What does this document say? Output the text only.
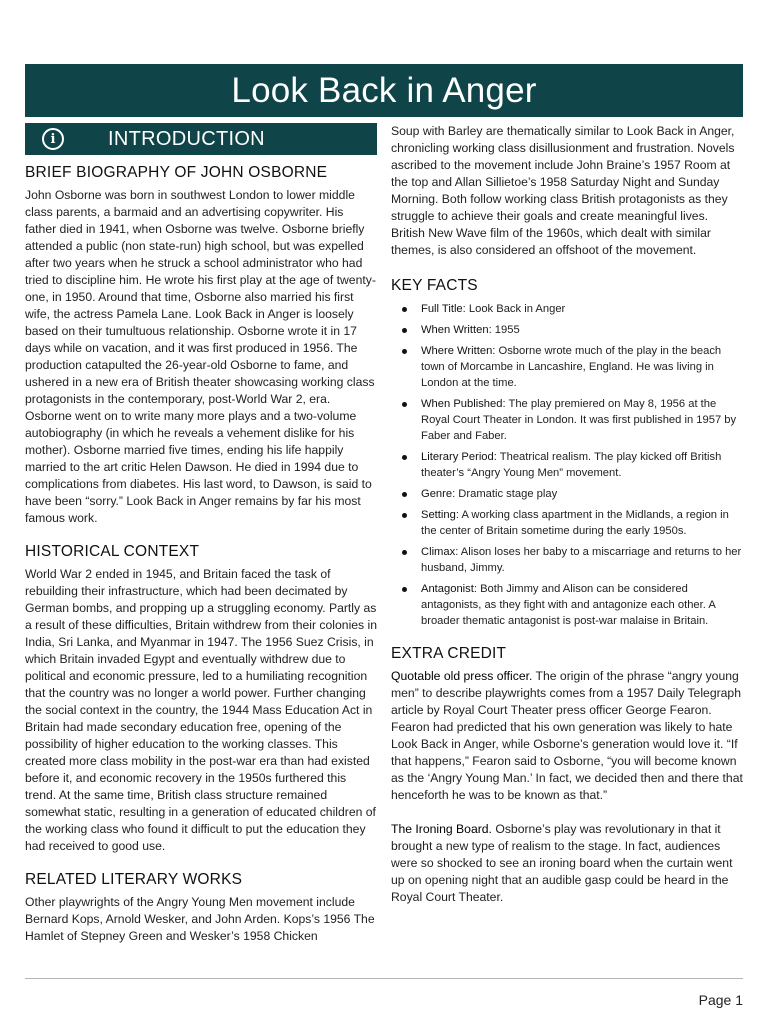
Look Back in Anger
i	INTRODUCTION
BRIEF BIOGRAPHY OF JOHN OSBORNE

John Osborne was born in southwest London to lower middle class parents, a barmaid and an advertising copywriter. His father died in 1941, when Osborne was twelve. Osborne briefly attended a public (non state-run) high school, but was expelled after two years when he struck a school administrator who had tried to discipline him. He wrote his first play at the age of twenty-one, in 1950. Around that time, Osborne also married his first wife, the actress Pamela Lane. Look Back in Anger is loosely based on their tumultuous relationship. Osborne wrote it in 17 days while on vacation, and it was first produced in 1956. The production catapulted the 26-year-old Osborne to fame, and ushered in a new era of British theater showcasing working class protagonists in the contemporary, post-World War 2, era. Osborne went on to write many more plays and a two-volume autobiography (in which he reveals a vehement dislike for his mother). Osborne married five times, ending his life happily married to the art critic Helen Dawson. He died in 1994 due to complications from diabetes. His last word, to Dawson, is said to have been “sorry.” Look Back in Anger remains by far his most famous work.

HISTORICAL CONTEXT

World War 2 ended in 1945, and Britain faced the task of rebuilding their infrastructure, which had been decimated by German bombs, and propping up a struggling economy. Partly as a result of these difficulties, Britain withdrew from their colonies in India, Sri Lanka, and Myanmar in 1947. The 1956 Suez Crisis, in which Britain invaded Egypt and eventually withdrew due to political and economic pressure, led to a humiliating recognition that the country was no longer a world power. Further changing the social context in the country, the 1944 Mass Education Act in Britain had made secondary education free, opening of the possibility of higher education to the working classes. This created more class mobility in the post-war era than had existed before it, and economic recovery in the 1950s furthered this trend. At the same time, British class structure remained somewhat static, resulting in a generation of educated children of the working class who found it difficult to put the education they had received to good use.

RELATED LITERARY WORKS

Other playwrights of the Angry Young Men movement include Bernard Kops, Arnold Wesker, and John Arden. Kops’s 1956 The Hamlet of Stepney Green and Wesker’s 1958 Chicken

Soup with Barley are thematically similar to Look Back in Anger, chronicling working class disillusionment and frustration. Novels ascribed to the movement include John Braine’s 1957 Room at the top and Allan Sillietoe’s 1958 Saturday Night and Sunday Morning. Both follow working class British protagonists as they struggle to achieve their goals and create meaningful lives. British New Wave film of the 1960s, which dealt with similar themes, is also considered an offshoot of the movement.

KEY FACTS
Full Title: Look Back in Anger
When Written: 1955
Where Written: Osborne wrote much of the play in the beach town of Morcambe in Lancashire, England. He was living in London at the time.
When Published: The play premiered on May 8, 1956 at the Royal Court Theater in London. It was first published in 1957 by Faber and Faber.
Literary Period: Theatrical realism. The play kicked off British theater’s “Angry Young Men” movement.
Genre: Dramatic stage play
Setting: A working class apartment in the Midlands, a region in the center of Britain sometime during the early 1950s.
Climax: Alison loses her baby to a miscarriage and returns to her husband, Jimmy.
Antagonist: Both Jimmy and Alison can be considered antagonists, as they fight with and antagonize each other. A broader thematic antagonist is post-war malaise in Britain.
EXTRA CREDIT

Quotable old press officer. The origin of the phrase “angry young men” to describe playwrights comes from a 1957 Daily Telegraph article by Royal Court Theater press officer George Fearon. Fearon had predicted that his own generation was likely to hate Look Back in Anger, while Osborne’s generation would love it. “If that happens,” Fearon said to Osborne, “you will become known as the ‘Angry Young Man.’ In fact, we decided then and there that henceforth he was to be known as that.”

The Ironing Board. Osborne’s play was revolutionary in that it brought a new type of realism to the stage. In fact, audiences were so shocked to see an ironing board when the curtain went up on opening night that an audible gasp could be heard in the Royal Court Theater.

Page 1
